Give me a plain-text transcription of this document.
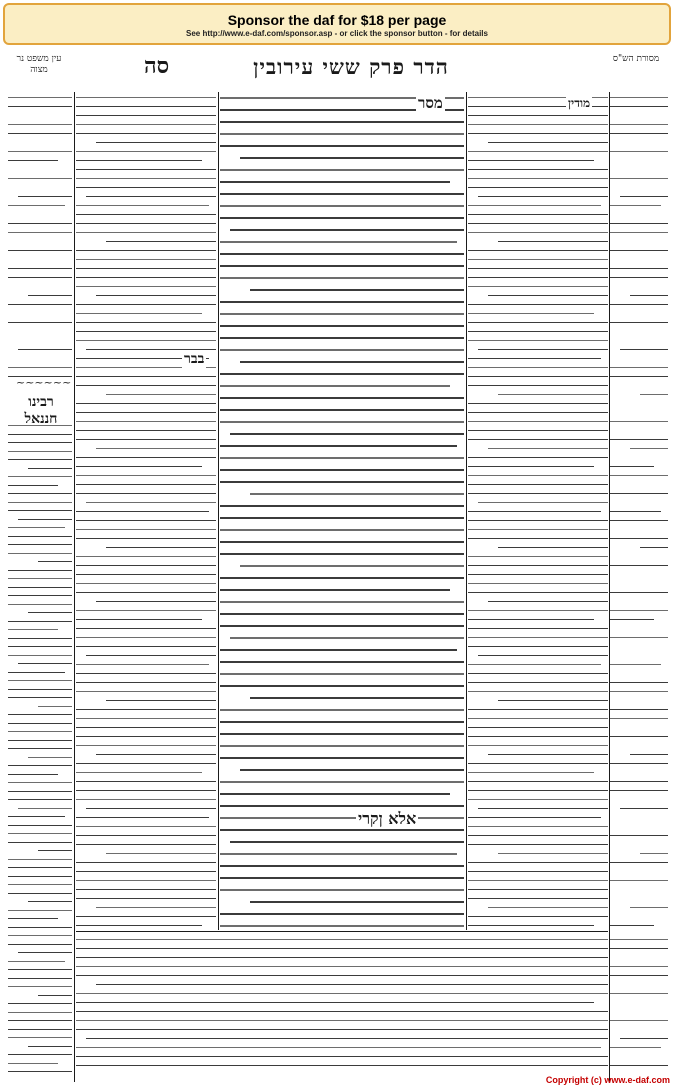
Sponsor the daf for $18 per page
See http://www.e-daf.com/sponsor.asp - or click the sponsor button - for details
מסורת הש"ס
הדר פרק ששי עירובין
סה
עין משפט נר מצוה
רבינו חננאל
~~~~~~
מסר	מודין
בבר
אלא ןקרי
Copyright (c) www.e-daf.com
